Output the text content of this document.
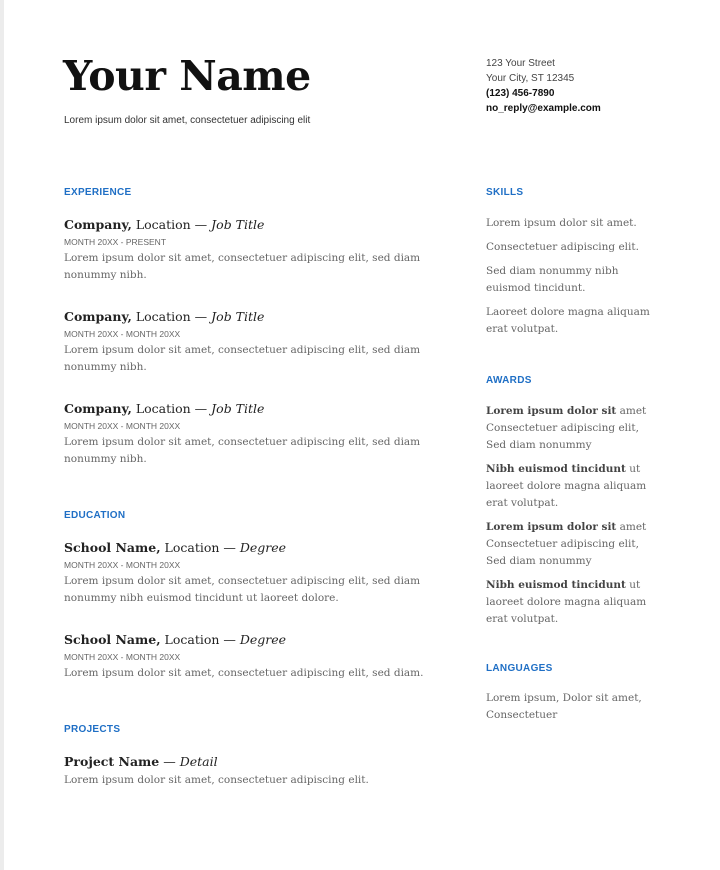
Your Name
Lorem ipsum dolor sit amet, consectetuer adipiscing elit
123 Your Street
Your City, ST 12345
(123) 456-7890
no_reply@example.com
EXPERIENCE
Company, Location — Job Title
MONTH 20XX - PRESENT
Lorem ipsum dolor sit amet, consectetuer adipiscing elit, sed diam nonummy nibh.
Company, Location — Job Title
MONTH 20XX - MONTH 20XX
Lorem ipsum dolor sit amet, consectetuer adipiscing elit, sed diam nonummy nibh.
Company, Location — Job Title
MONTH 20XX - MONTH 20XX
Lorem ipsum dolor sit amet, consectetuer adipiscing elit, sed diam nonummy nibh.
EDUCATION
School Name, Location — Degree
MONTH 20XX - MONTH 20XX
Lorem ipsum dolor sit amet, consectetuer adipiscing elit, sed diam nonummy nibh euismod tincidunt ut laoreet dolore.
School Name, Location — Degree
MONTH 20XX - MONTH 20XX
Lorem ipsum dolor sit amet, consectetuer adipiscing elit, sed diam.
PROJECTS
Project Name — Detail
Lorem ipsum dolor sit amet, consectetuer adipiscing elit.
SKILLS
Lorem ipsum dolor sit amet.
Consectetuer adipiscing elit.
Sed diam nonummy nibh euismod tincidunt.
Laoreet dolore magna aliquam erat volutpat.
AWARDS
Lorem ipsum dolor sit amet Consectetuer adipiscing elit, Sed diam nonummy
Nibh euismod tincidunt ut laoreet dolore magna aliquam erat volutpat.
Lorem ipsum dolor sit amet Consectetuer adipiscing elit, Sed diam nonummy
Nibh euismod tincidunt ut laoreet dolore magna aliquam erat volutpat.
LANGUAGES
Lorem ipsum, Dolor sit amet, Consectetuer
